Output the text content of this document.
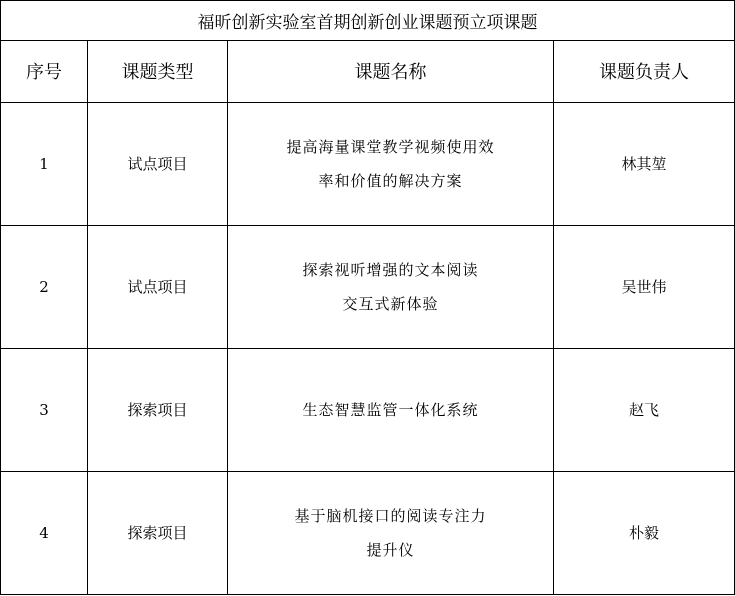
福昕创新实验室首期创新创业课题预立项课题			
序号	课题类型	课题名称	课题负责人
1	试点项目	提高海量课堂教学视频使用效
率和价值的解决方案	林其堃
2	试点项目	探索视听增强的文本阅读
交互式新体验	吴世伟
3	探索项目	生态智慧监管一体化系统	赵飞
4	探索项目	基于脑机接口的阅读专注力
提升仪	朴毅
